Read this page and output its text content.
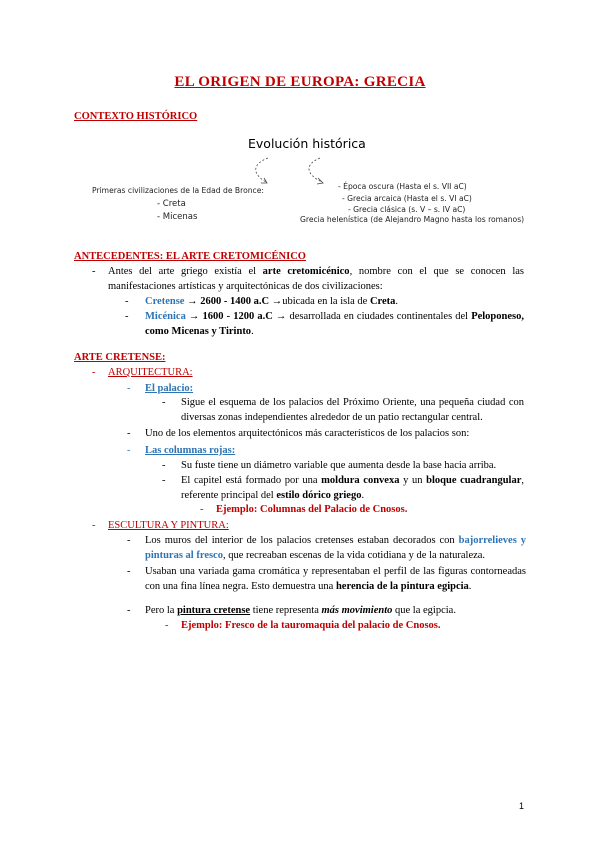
EL ORIGEN DE EUROPA: GRECIA
CONTEXTO HISTÓRICO
Evolución histórica
Primeras civilizaciones de la Edad de Bronce:
- Creta
- Micenas
- Época oscura (Hasta el s. VII aC)
- Grecia arcaica (Hasta el s. VI aC)
- Grecia clásica (s. V – s. IV aC)
Grecia helenística (de Alejandro Magno hasta los romanos)
ANTECEDENTES: EL ARTE CRETOMICÉNICO
- Antes del arte griego existía el arte cretomicénico, nombre con el que se conocen las manifestaciones artísticas y arquitectónicas de dos civilizaciones:
- Cretense → 2600 - 1400 a.C →ubicada en la isla de Creta.
- Micénica → 1600 - 1200 a.C → desarrollada en ciudades continentales del Peloponeso, como Micenas y Tirinto.
ARTE CRETENSE:
- ARQUITECTURA:
- El palacio:
- Sigue el esquema de los palacios del Próximo Oriente, una pequeña ciudad con diversas zonas independientes alrededor de un patio rectangular central.
- Uno de los elementos arquitectónicos más característicos de los palacios son:
- Las columnas rojas:
- Su fuste tiene un diámetro variable que aumenta desde la base hacia arriba.
- El capitel está formado por una moldura convexa y un bloque cuadrangular, referente principal del estilo dórico griego.
- Ejemplo: Columnas del Palacio de Cnosos.
- ESCULTURA Y PINTURA:
- Los muros del interior de los palacios cretenses estaban decorados con bajorrelieves y pinturas al fresco, que recreaban escenas de la vida cotidiana y de la naturaleza.
- Usaban una variada gama cromática y representaban el perfil de las figuras contorneadas con una fina línea negra. Esto demuestra una herencia de la pintura egipcia.
- Pero la pintura cretense tiene representa más movimiento que la egipcia.
- Ejemplo: Fresco de la tauromaquia del palacio de Cnosos.
1
